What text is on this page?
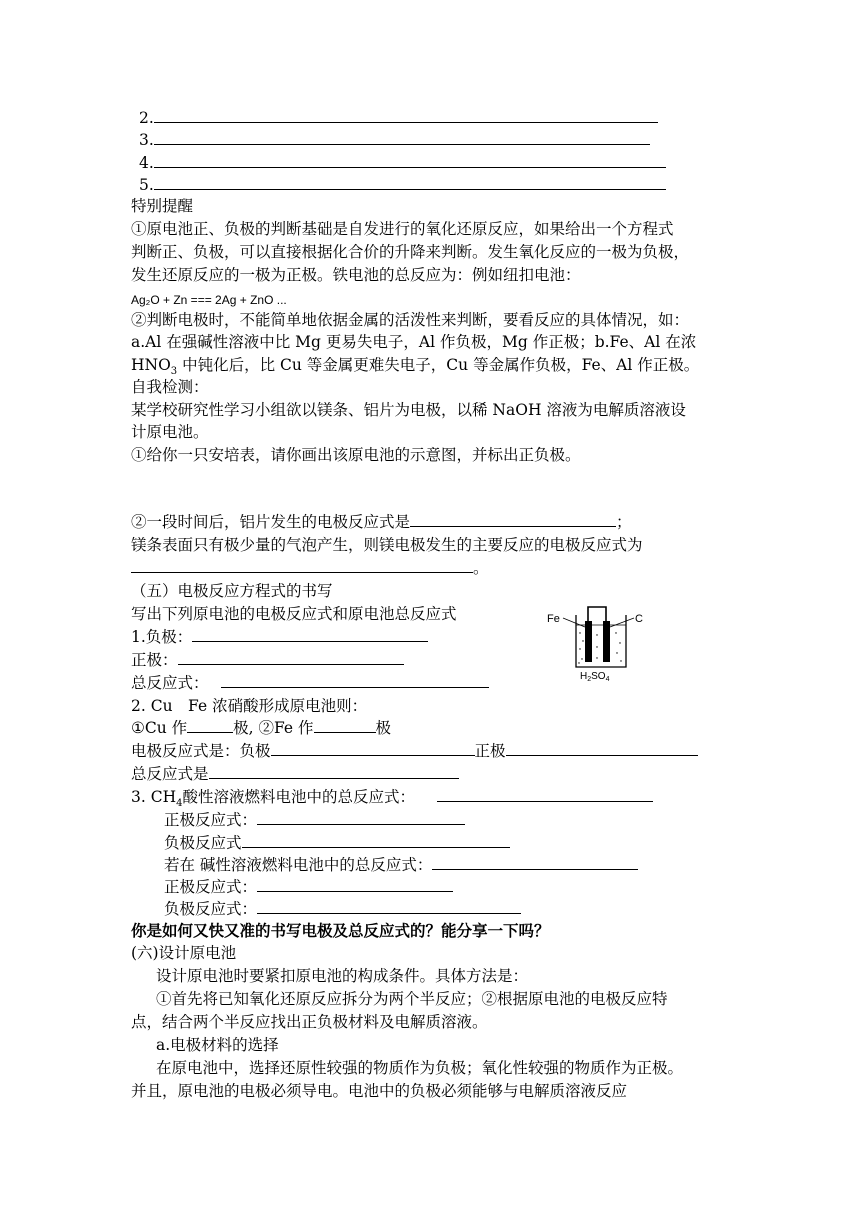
2.
3.
4.
5.
特别提醒
①原电池正、负极的判断基础是自发进行的氧化还原反应，如果给出一个方程式
判断正、负极，可以直接根据化合价的升降来判断。发生氧化反应的一极为负极，
发生还原反应的一极为正极。铁电池的总反应为：例如纽扣电池：
Ag₂O + Zn === 2Ag + ZnO ...
②判断电极时，不能简单地依据金属的活泼性来判断，要看反应的具体情况，如：
a.Al 在强碱性溶液中比 Mg 更易失电子，Al 作负极，Mg 作正极；b.Fe、Al 在浓
$HNO_3$ 中钝化后，比 Cu 等金属更难失电子，Cu 等金属作负极，Fe、Al 作正极。
自我检测：
某学校研究性学习小组欲以镁条、铝片为电极，以稀 NaOH 溶液为电解质溶液设
计原电池。
①给你一只安培表，请你画出该原电池的示意图，并标出正负极。
②一段时间后，铝片发生的电极反应式是	；
镁条表面只有极少量的气泡产生，则镁电极发生的主要反应的电极反应式为
。
（五）电极反应方程式的书写
写出下列原电池的电极反应式和原电池总反应式
1.负极：
正极：
总反应式：
2. Cu　Fe 浓硝酸形成原电池则：
①Cu 作	极, ②Fe 作	极
电极反应式是：负极	正极
总反应式是
3. $CH_4$酸性溶液燃料电池中的总反应式：
正极反应式：
负极反应式
若在 碱性溶液燃料电池中的总反应式：
正极反应式：
负极反应式：
你是如何又快又准的书写电极及总反应式的？能分享一下吗？
(六)设计原电池
设计原电池时要紧扣原电池的构成条件。具体方法是：
①首先将已知氧化还原反应拆分为两个半反应；②根据原电池的电极反应特
点，结合两个半反应找出正负极材料及电解质溶液。
a.电极材料的选择
在原电池中，选择还原性较强的物质作为负极；氧化性较强的物质作为正极。
并且，原电池的电极必须导电。电池中的负极必须能够与电解质溶液反应
Fe	C
$H_2SO_4$
